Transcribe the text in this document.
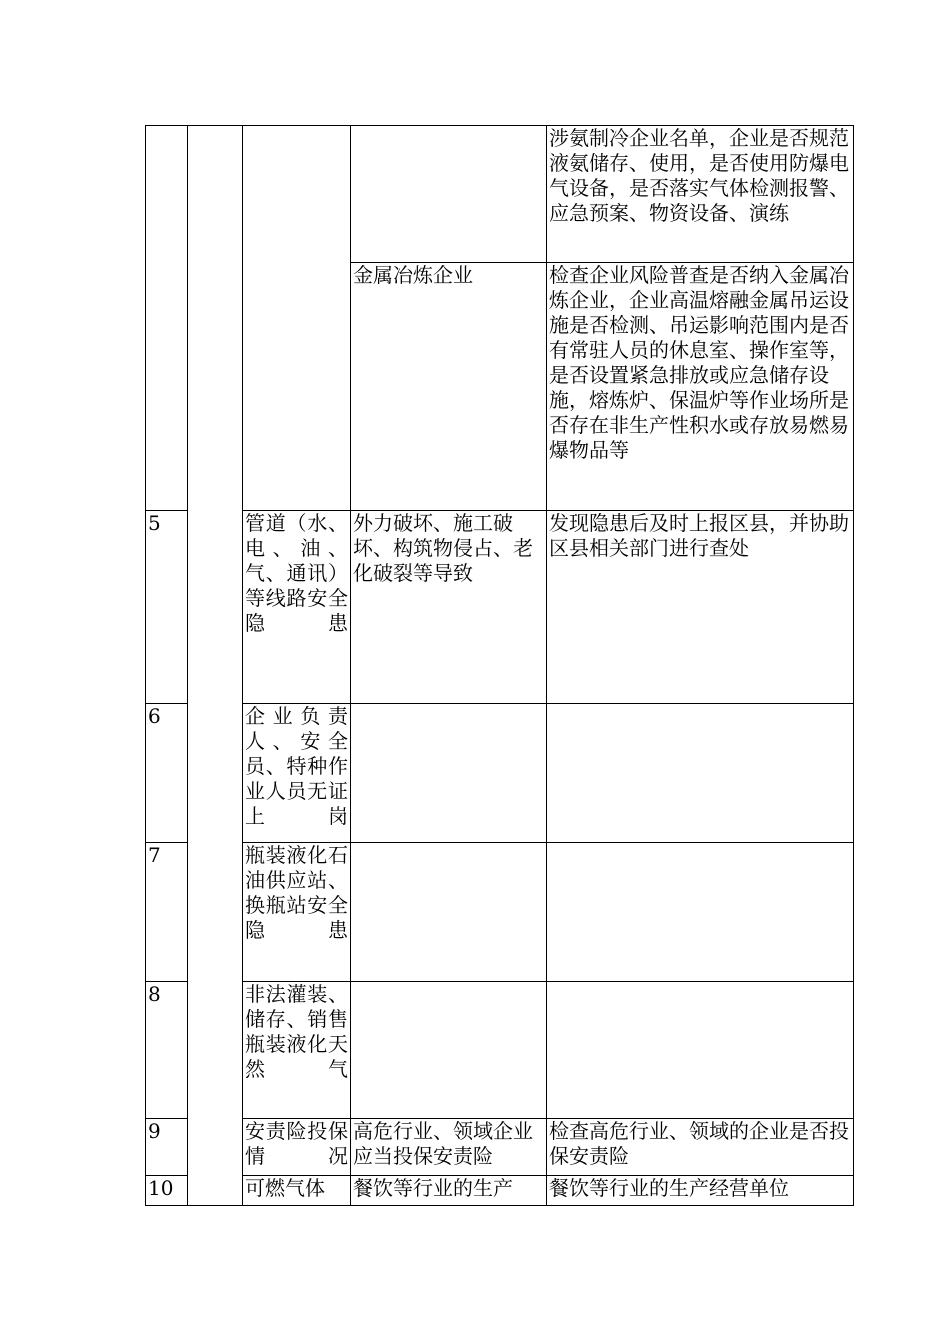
				涉氨制冷企业名单，企业是否规范液氨储存、使用，是否使用防爆电气设备，是否落实气体检测报警、应急预案、物资设备、演练

			金属冶炼企业	检查企业风险普查是否纳入金属冶炼企业，企业高温熔融金属吊运设施是否检测、吊运影响范围内是否有常驻人员的休息室、操作室等，是否设置紧急排放或应急储存设施，熔炼炉、保温炉等作业场所是否存在非生产性积水或存放易燃易爆物品等

5		管道（水、电、油、气、通讯）等线路安全隐患	外力破坏、施工破坏、构筑物侵占、老化破裂等导致	发现隐患后及时上报区县，并协助区县相关部门进行查处

6		企业负责人、安全员、特种作业人员无证上岗		

7		瓶装液化石油供应站、换瓶站安全隐患		

8		非法灌装、储存、销售瓶装液化天然气		

9		安责险投保情况	高危行业、领域企业应当投保安责险	检查高危行业、领域的企业是否投保安责险

10		可燃气体	餐饮等行业的生产	餐饮等行业的生产经营单位
